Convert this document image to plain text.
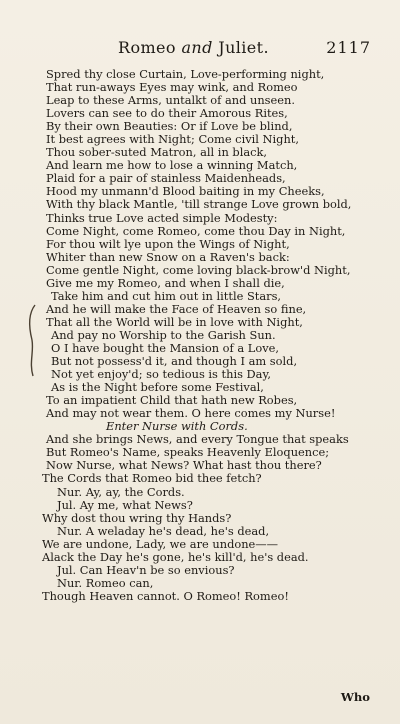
Romeo and Juliet.	2117
Spred thy close Curtain, Love-performing night,
That run-aways Eyes may wink, and Romeo
Leap to these Arms, untalkt of and unseen.
Lovers can see to do their Amorous Rites,
By their own Beauties: Or if Love be blind,
It best agrees with Night; Come civil Night,
Thou sober-suted Matron, all in black,
And learn me how to lose a winning Match,
Plaid for a pair of stainless Maidenheads,
Hood my unmann'd Blood baiting in my Cheeks,
With thy black Mantle, 'till strange Love grown bold,
Thinks true Love acted simple Modesty:
Come Night, come Romeo, come thou Day in Night,
For thou wilt lye upon the Wings of Night,
Whiter than new Snow on a Raven's back:
Come gentle Night, come loving black-brow'd Night,
Give me my Romeo, and when I shall die,
Take him and cut him out in little Stars,
And he will make the Face of Heaven so fine,
That all the World will be in love with Night,
And pay no Worship to the Garish Sun.
O I have bought the Mansion of a Love,
But not possess'd it, and though I am sold,
Not yet enjoy'd; so tedious is this Day,
As is the Night before some Festival,
To an impatient Child that hath new Robes,
And may not wear them. O here comes my Nurse!
Enter Nurse with Cords.
And she brings News, and every Tongue that speaks
But Romeo's Name, speaks Heavenly Eloquence;
Now Nurse, what News? What hast thou there?
The Cords that Romeo bid thee fetch?
Nur. Ay, ay, the Cords.
Jul. Ay me, what News?
Why dost thou wring thy Hands?
Nur. A weladay he's dead, he's dead,
We are undone, Lady, we are undone——
Alack the Day he's gone, he's kill'd, he's dead.
Jul. Can Heav'n be so envious?
Nur. Romeo can,
Though Heaven cannot. O Romeo! Romeo!
Who
